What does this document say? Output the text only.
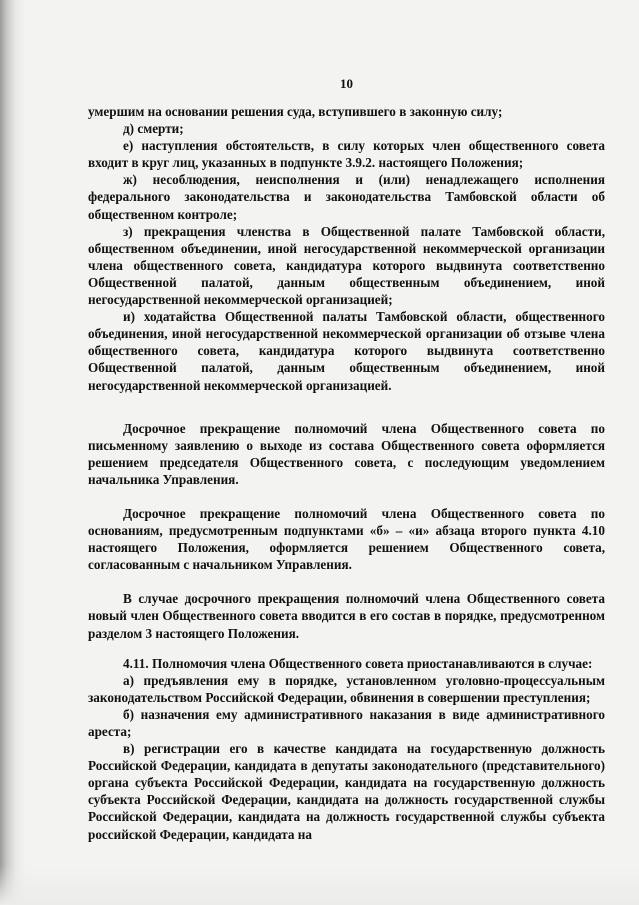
10

умершим на основании решения суда, вступившего в законную силу;

д) смерти;

е) наступления обстоятельств, в силу которых член общественного совета входит в круг лиц, указанных в подпункте 3.9.2. настоящего Положения;

ж) несоблюдения, неисполнения и (или) ненадлежащего исполнения федерального законодательства и законодательства Тамбовской области об общественном контроле;

з) прекращения членства в Общественной палате Тамбовской области, общественном объединении, иной негосударственной некоммерческой организации члена общественного совета, кандидатура которого выдвинута соответственно Общественной палатой, данным общественным объединением, иной негосударственной некоммерческой организацией;

и) ходатайства Общественной палаты Тамбовской области, общественного объединения, иной негосударственной некоммерческой организации об отзыве члена общественного совета, кандидатура которого выдвинута соответственно Общественной палатой, данным общественным объединением, иной негосударственной некоммерческой организацией.

Досрочное прекращение полномочий члена Общественного совета по письменному заявлению о выходе из состава Общественного совета оформляется решением председателя Общественного совета, с последующим уведомлением начальника Управления.

Досрочное прекращение полномочий члена Общественного совета по основаниям, предусмотренным подпунктами «б» – «и» абзаца второго пункта 4.10 настоящего Положения, оформляется решением Общественного совета, согласованным с начальником Управления.

В случае досрочного прекращения полномочий члена Общественного совета новый член Общественного совета вводится в его состав в порядке, предусмотренном разделом 3 настоящего Положения.

4.11. Полномочия члена Общественного совета приостанавливаются в случае:

а) предъявления ему в порядке, установленном уголовно-процессуальным законодательством Российской Федерации, обвинения в совершении преступления;

б) назначения ему административного наказания в виде административного ареста;

в) регистрации его в качестве кандидата на государственную должность Российской Федерации, кандидата в депутаты законодательного (представительного) органа субъекта Российской Федерации, кандидата на государственную должность субъекта Российской Федерации, кандидата на должность государственной службы Российской Федерации, кандидата на должность государственной службы субъекта российской Федерации, кандидата на
